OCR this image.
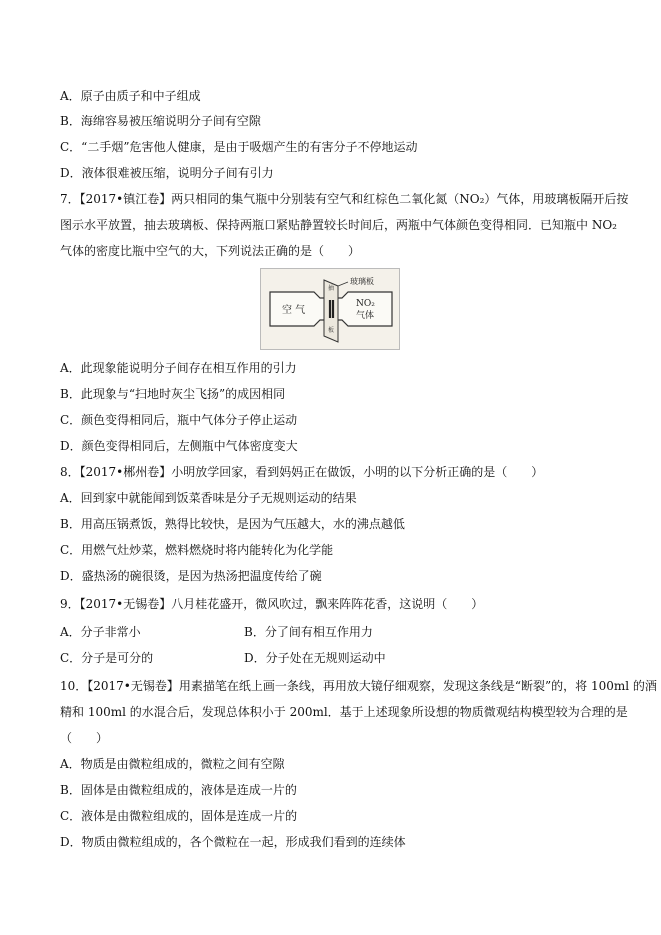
A．原子由质子和中子组成
B．海绵容易被压缩说明分子间有空隙
C．“二手烟”危害他人健康，是由于吸烟产生的有害分子不停地运动
D．液体很难被压缩，说明分子间有引力
7．【2017•镇江卷】两只相同的集气瓶中分别装有空气和红棕色二氧化氮（NO₂）气体，用玻璃板隔开后按
图示水平放置，抽去玻璃板、保持两瓶口紧贴静置较长时间后，两瓶中气体颜色变得相同．已知瓶中 NO₂
气体的密度比瓶中空气的大，下列说法正确的是（　　）
抽
板
玻璃板
空 气
NO₂
气体
A．此现象能说明分子间存在相互作用的引力
B．此现象与“扫地时灰尘飞扬”的成因相同
C．颜色变得相同后，瓶中气体分子停止运动
D．颜色变得相同后，左侧瓶中气体密度变大
8．【2017•郴州卷】小明放学回家，看到妈妈正在做饭，小明的以下分析正确的是（　　）
A．回到家中就能闻到饭菜香味是分子无规则运动的结果
B．用高压锅煮饭，熟得比较快，是因为气压越大，水的沸点越低
C．用燃气灶炒菜，燃料燃烧时将内能转化为化学能
D．盛热汤的碗很烫，是因为热汤把温度传给了碗
9．【2017•无锡卷】八月桂花盛开，微风吹过，飘来阵阵花香，这说明（　　）
A．分子非常小	B．分了间有相互作用力
C．分子是可分的	D．分子处在无规则运动中
10．【2017•无锡卷】用素描笔在纸上画一条线，再用放大镜仔细观察，发现这条线是“断裂”的，将 100ml 的酒
精和 100ml 的水混合后，发现总体积小于 200ml．基于上述现象所设想的物质微观结构模型较为合理的是
（　　）
A．物质是由微粒组成的，微粒之间有空隙
B．固体是由微粒组成的，液体是连成一片的
C．液体是由微粒组成的，固体是连成一片的
D．物质由微粒组成的，各个微粒在一起，形成我们看到的连续体
